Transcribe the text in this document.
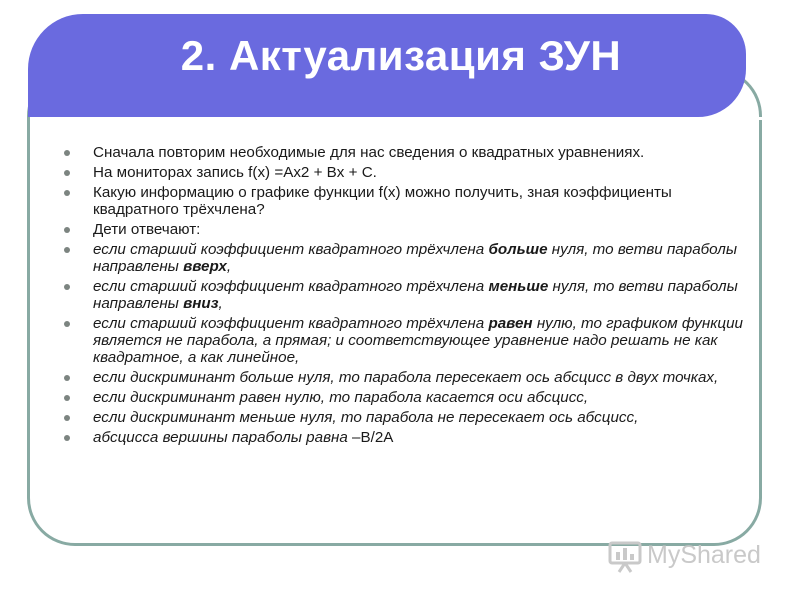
2. Актуализация ЗУН
Сначала повторим необходимые для нас сведения о квадратных уравнениях.
На мониторах запись f(x) =Ax2 + Bx + C.
Какую информацию о графике функции f(x) можно получить, зная коэффициенты квадратного трёхчлена?
Дети отвечают:
если старший коэффициент квадратного трёхчлена больше нуля, то ветви параболы направлены вверх,
если старший коэффициент квадратного трёхчлена меньше нуля, то ветви параболы направлены вниз,
если старший коэффициент квадратного трёхчлена равен нулю, то графиком функции является не парабола, а прямая; и соответствующее уравнение надо решать не как квадратное, а как линейное,
если дискриминант больше нуля, то парабола пересекает ось абсцисс в двух точках,
если дискриминант равен нулю, то парабола касается оси абсцисс,
если дискриминант меньше нуля, то парабола не пересекает ось абсцисс,
абсцисса вершины параболы равна –B/2A
MyShared
